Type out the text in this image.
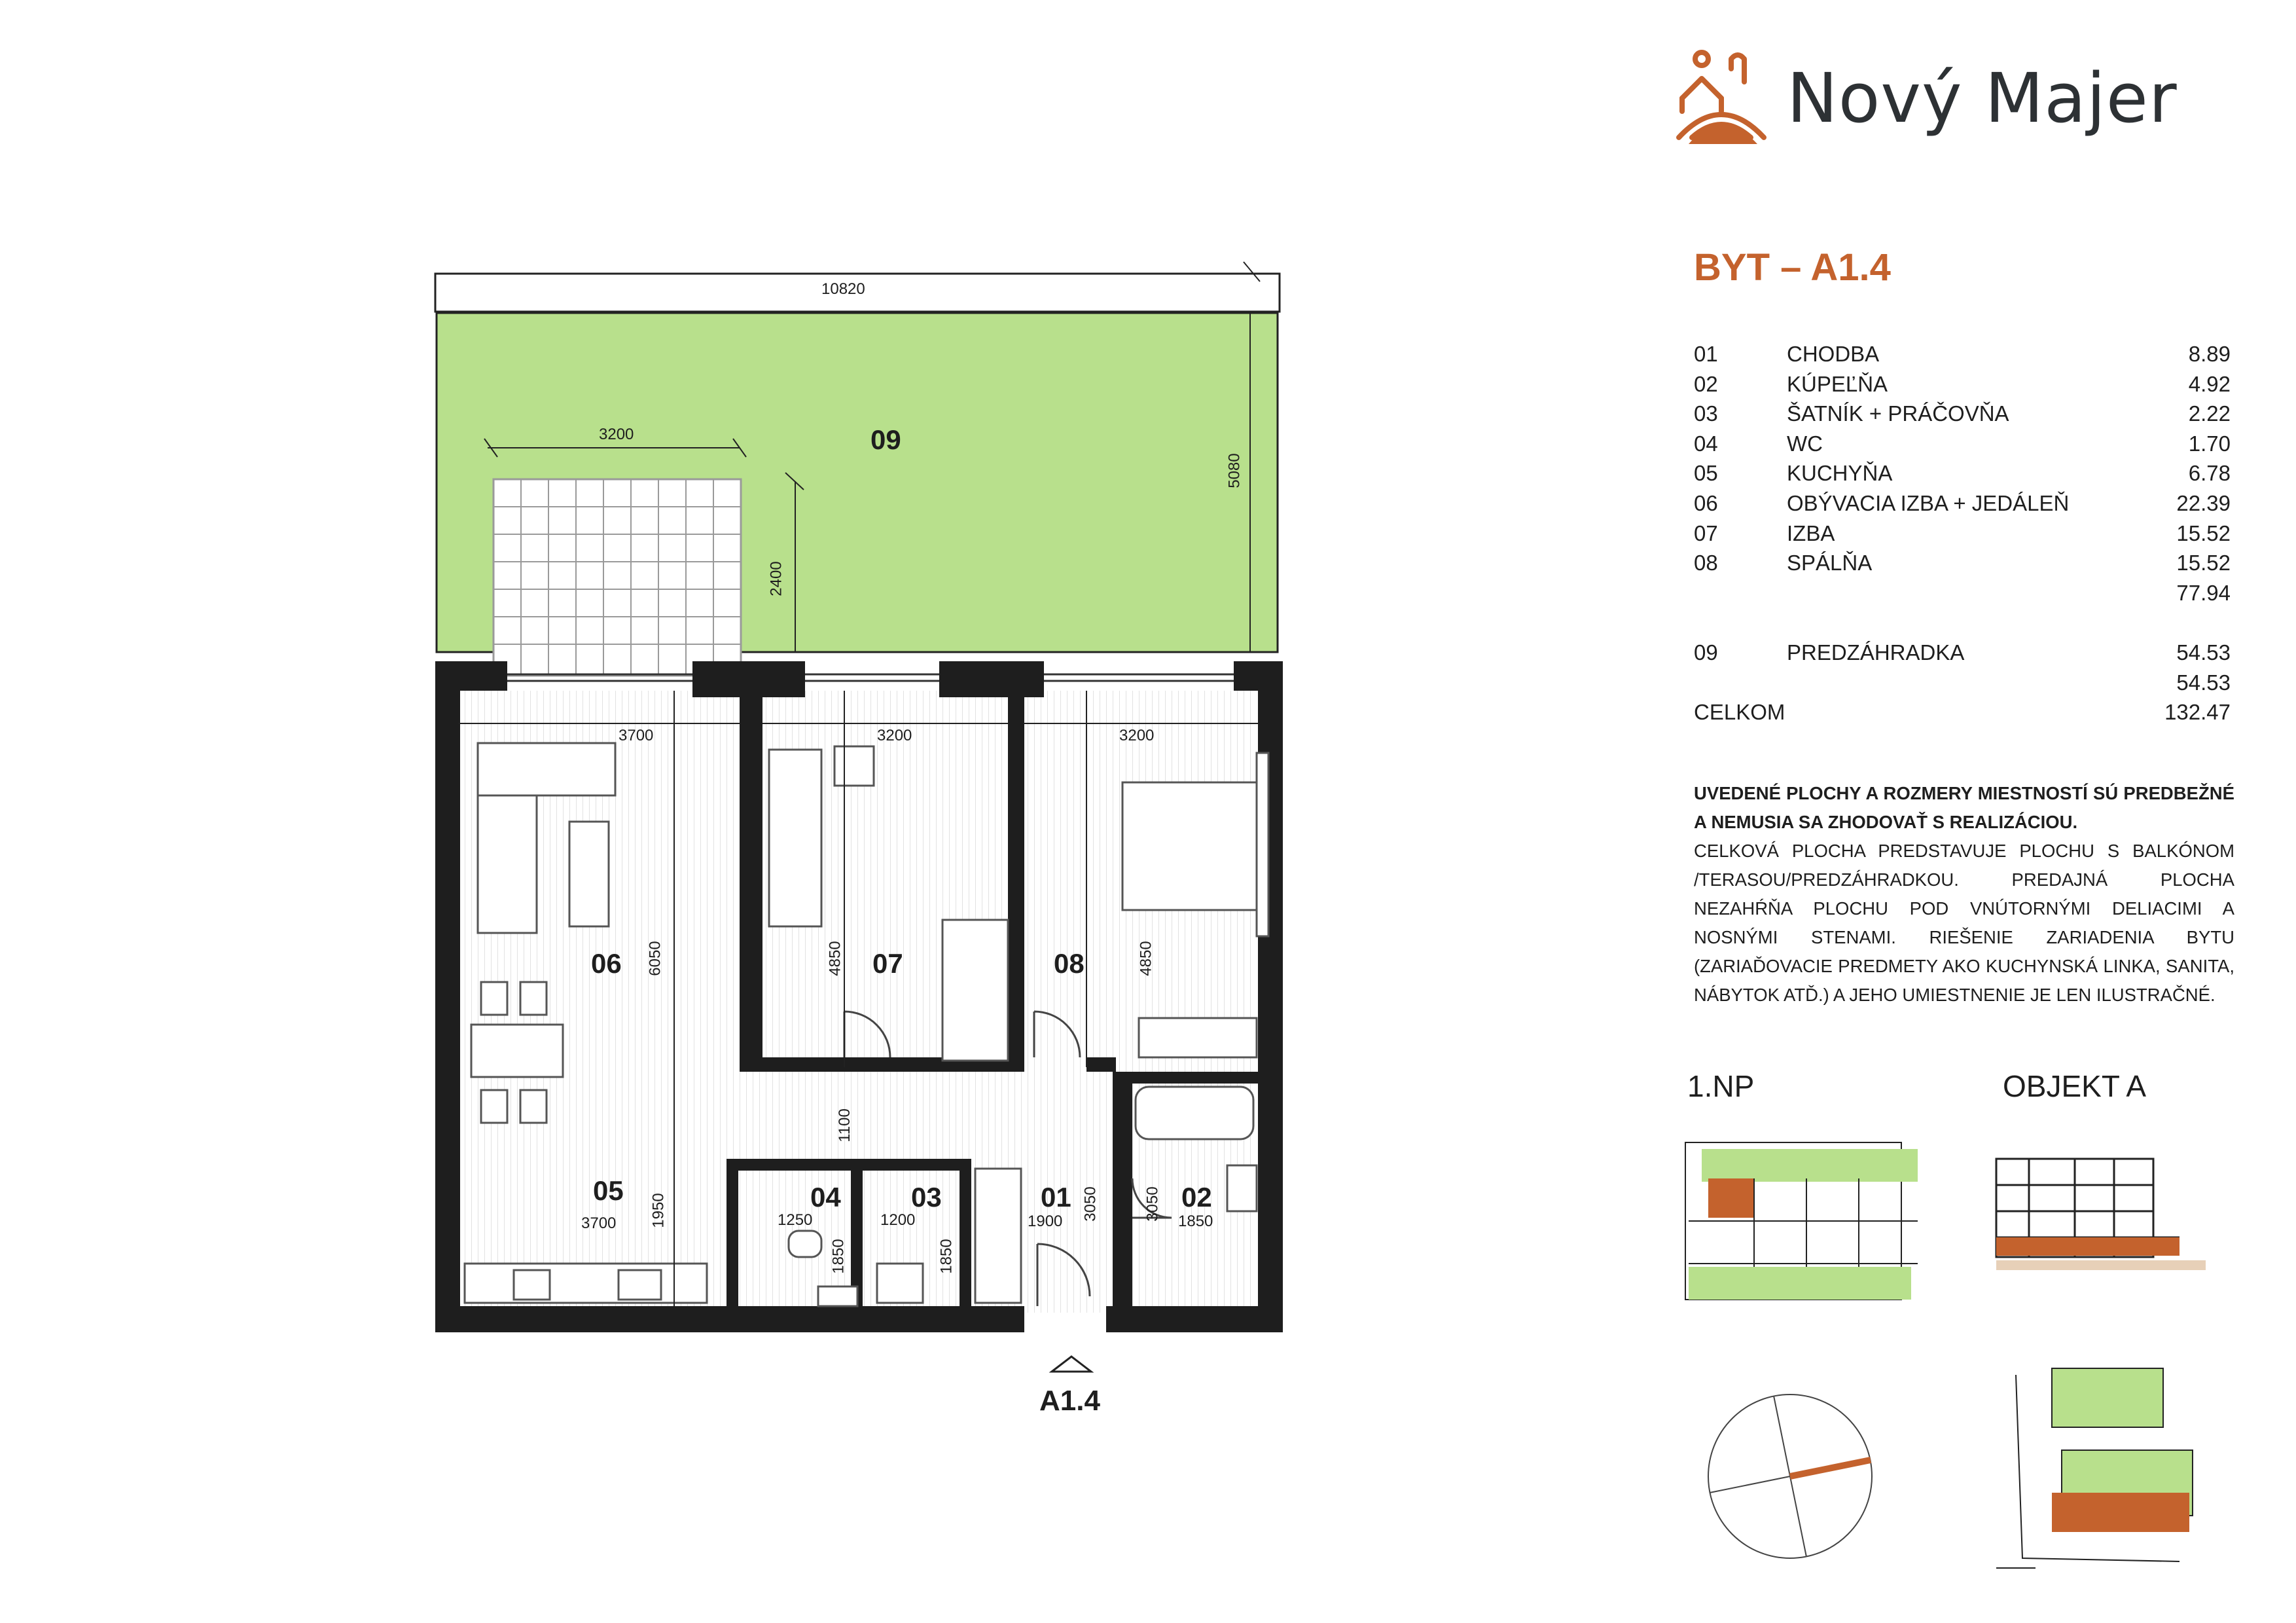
10820
3200
2400
5080
3700	3200	3200
6050	4850	4850
1950
3700
1100
1250
1850
1200
1850
1900 3050	3050 1850
09
06	07	08
05	04	03	01	02
A1.4
Nový Majer
BYT – A1.4
01	CHODBA	8.89
02	KÚPEĽŇA	4.92
03	ŠATNÍK + PRÁČOVŇA	2.22
04	WC	1.70
05	KUCHYŇA	6.78
06	OBÝVACIA IZBA + JEDÁLEŇ	22.39
07	IZBA	15.52
08	SPÁLŇA	15.52
77.94
09	PREDZÁHRADKA	54.53
54.53
CELKOM	132.47
UVEDENÉ PLOCHY A ROZMERY MIESTNOSTÍ SÚ PREDBEŽNÉ A NEMUSIA SA ZHODOVAŤ S REALIZÁCIOU.
CELKOVÁ PLOCHA PREDSTAVUJE PLOCHU S BALKÓNOM /TERASOU/PREDZÁHRADKOU. PREDAJNÁ PLOCHA NEZAHŔŇA PLOCHU POD VNÚTORNÝMI DELIACIMI A NOSNÝMI STENAMI. RIEŠENIE ZARIADENIA BYTU (ZARIAĎOVACIE PREDMETY AKO KUCHYNSKÁ LINKA, SANITA, NÁBYTOK ATĎ.) A JEHO UMIESTNENIE JE LEN ILUSTRAČNÉ.
1.NP	OBJEKT A
